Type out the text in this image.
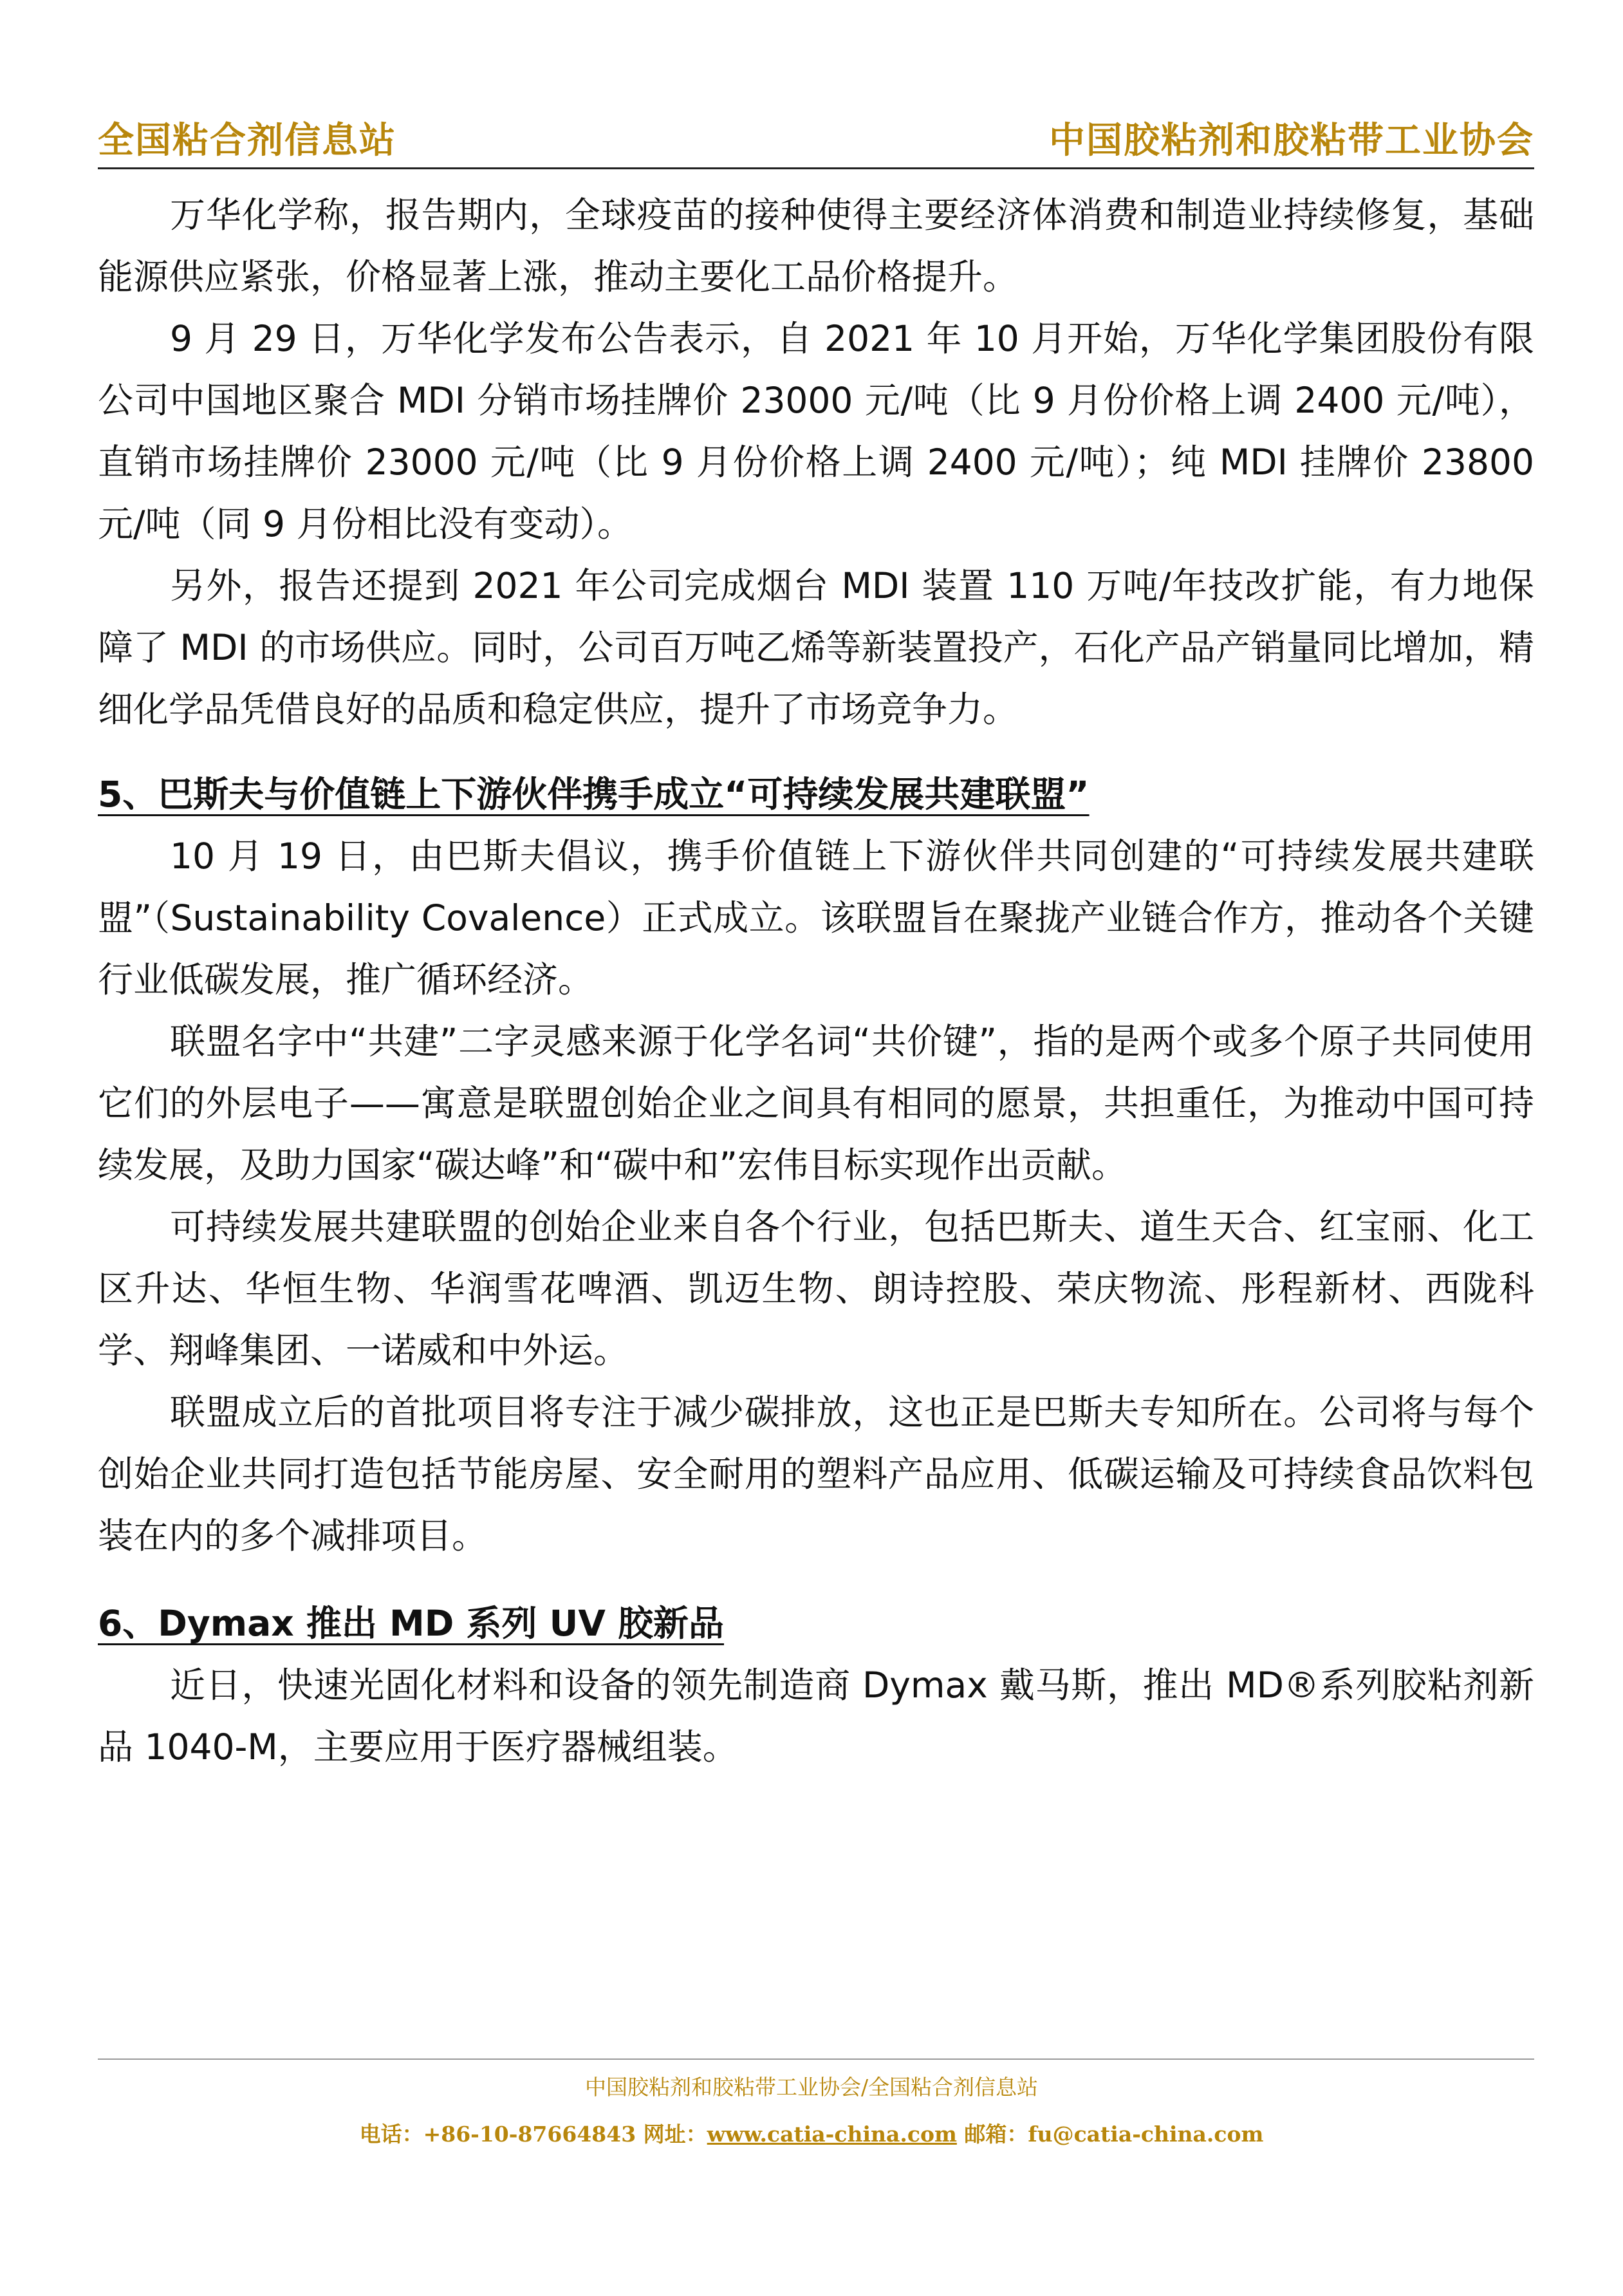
全国粘合剂信息站	中国胶粘剂和胶粘带工业协会

万华化学称，报告期内，全球疫苗的接种使得主要经济体消费和制造业持续修复，基础能源供应紧张，价格显著上涨，推动主要化工品价格提升。

9 月 29 日，万华化学发布公告表示，自 2021 年 10 月开始，万华化学集团股份有限公司中国地区聚合 MDI 分销市场挂牌价 23000 元/吨（比 9 月份价格上调 2400 元/吨），直销市场挂牌价 23000 元/吨（比 9 月份价格上调 2400 元/吨）；纯 MDI 挂牌价 23800 元/吨（同 9 月份相比没有变动）。

另外，报告还提到 2021 年公司完成烟台 MDI 装置 110 万吨/年技改扩能，有力地保障了 MDI 的市场供应。同时，公司百万吨乙烯等新装置投产，石化产品产销量同比增加，精细化学品凭借良好的品质和稳定供应，提升了市场竞争力。

5、巴斯夫与价值链上下游伙伴携手成立“可持续发展共建联盟”

10 月 19 日，由巴斯夫倡议，携手价值链上下游伙伴共同创建的“可持续发展共建联盟”（Sustainability Covalence）正式成立。该联盟旨在聚拢产业链合作方，推动各个关键行业低碳发展，推广循环经济。

联盟名字中“共建”二字灵感来源于化学名词“共价键”，指的是两个或多个原子共同使用它们的外层电子——寓意是联盟创始企业之间具有相同的愿景，共担重任，为推动中国可持续发展，及助力国家“碳达峰”和“碳中和”宏伟目标实现作出贡献。

可持续发展共建联盟的创始企业来自各个行业，包括巴斯夫、道生天合、红宝丽、化工区升达、华恒生物、华润雪花啤酒、凯迈生物、朗诗控股、荣庆物流、彤程新材、西陇科学、翔峰集团、一诺威和中外运。

联盟成立后的首批项目将专注于减少碳排放，这也正是巴斯夫专知所在。公司将与每个创始企业共同打造包括节能房屋、安全耐用的塑料产品应用、低碳运输及可持续食品饮料包装在内的多个减排项目。

6、Dymax 推出 MD 系列 UV 胶新品

近日，快速光固化材料和设备的领先制造商 Dymax 戴马斯，推出 MD®系列胶粘剂新品 1040-M，主要应用于医疗器械组装。

中国胶粘剂和胶粘带工业协会/全国粘合剂信息站
电话：+86-10-87664843 网址：www.catia-china.com 邮箱：fu@catia-china.com
